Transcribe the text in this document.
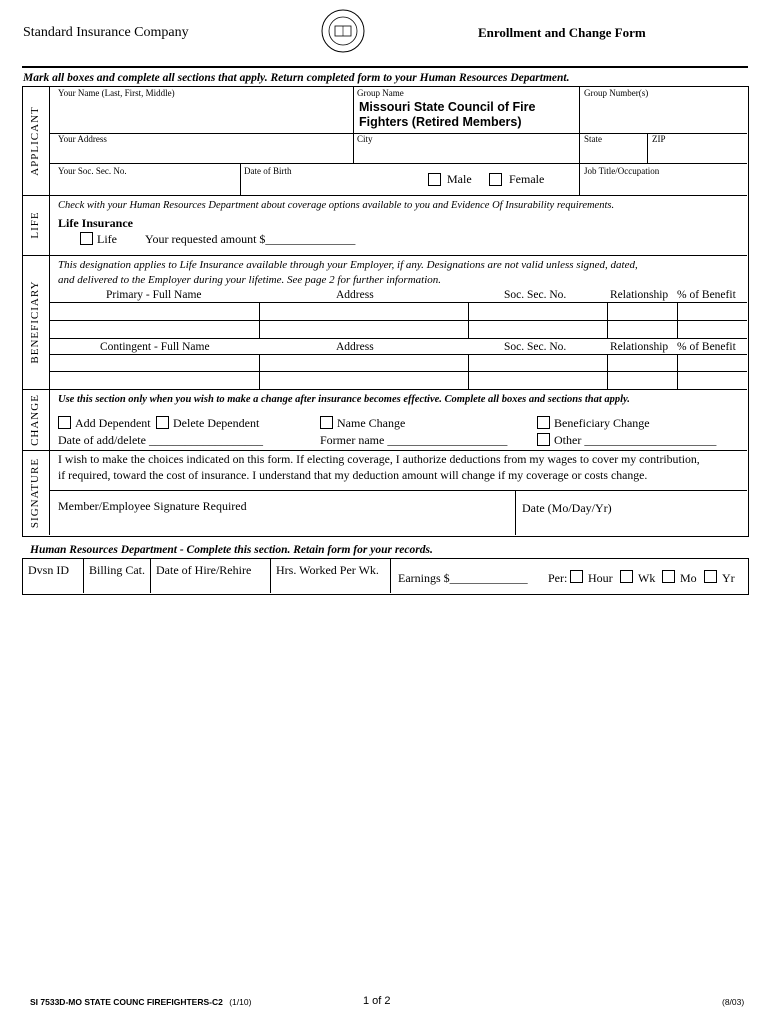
Standard Insurance Company	Enrollment and Change Form
Mark all boxes and complete all sections that apply. Return completed form to your Human Resources Department.
APPLICANT
Your Name (Last, First, Middle)	Group Name
Missouri State Council of Fire Fighters (Retired Members)
Group Number(s)
Your Address	City	State	ZIP
Your Soc. Sec. No.	Date of Birth
Male	Female
Job Title/Occupation
LIFE
Check with your Human Resources Department about coverage options available to you and Evidence Of Insurability requirements.
Life Insurance
Life Your requested amount $_______________
BENEFICIARY
This designation applies to Life Insurance available through your Employer, if any. Designations are not valid unless signed, dated,
and delivered to the Employer during your lifetime. See page 2 for further information.
Primary - Full Name	Address	Soc. Sec. No.	Relationship % of Benefit
Contingent - Full Name	Address	Soc. Sec. No.	Relationship % of Benefit
CHANGE Use this section only when you wish to make a change after insurance becomes effective. Complete all boxes and sections that apply.
Add Dependent Delete Dependent	Name Change	Beneficiary Change
Date of add/delete ___________________	Former name ____________________	Other ______________________
SIGNATURE I wish to make the choices indicated on this form. If electing coverage, I authorize deductions from my wages to cover my contribution,
if required, toward the cost of insurance. I understand that my deduction amount will change if my coverage or costs change.
Member/Employee Signature Required	Date (Mo/Day/Yr)
Human Resources Department - Complete this section. Retain form for your records.
Dvsn ID Billing Cat. Date of Hire/Rehire Hrs. Worked Per Wk.
Earnings $_____________ Per: Hour Wk Mo Yr
SI 7533D-MO STATE COUNC FIREFIGHTERS-C2 (1/10)	1 of 2	(8/03)
